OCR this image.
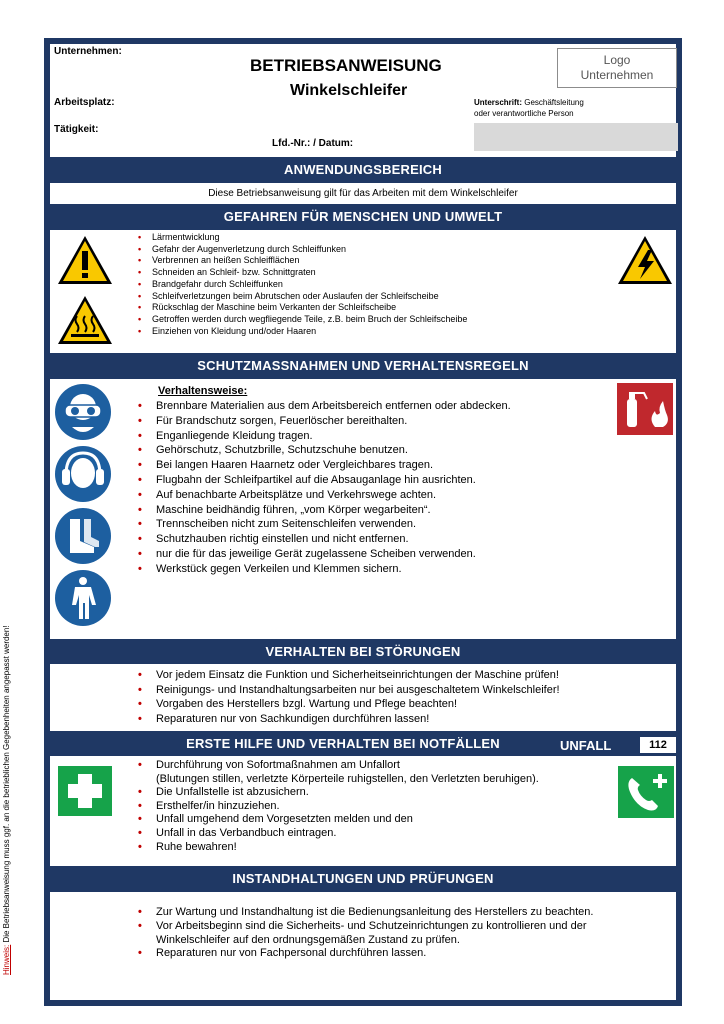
Hinweis: Die Betriebsanweisung muss ggf. an die betrieblichen Gegebenheiten angepasst werden!
Unternehmen:
Arbeitsplatz:
Tätigkeit:
BETRIEBSANWEISUNG
Winkelschleifer
Lfd.-Nr.: / Datum:
Logo
Unternehmen
Unterschrift: Geschäftsleitung
oder verantwortliche Person
ANWENDUNGSBEREICH
Diese Betriebsanweisung gilt für das Arbeiten mit dem Winkelschleifer
GEFAHREN FÜR MENSCHEN UND UMWELT
• Lärmentwicklung
• Gefahr der Augenverletzung durch Schleiffunken
• Verbrennen an heißen Schleifflächen
• Schneiden an Schleif- bzw. Schnittgraten
• Brandgefahr durch Schleiffunken
• Schleifverletzungen beim Abrutschen oder Auslaufen der Schleifscheibe
• Rückschlag der Maschine beim Verkanten der Schleifscheibe
• Getroffen werden durch wegfliegende Teile, z.B. beim Bruch der Schleifscheibe
• Einziehen von Kleidung und/oder Haaren
SCHUTZMASSNAHMEN UND VERHALTENSREGELN
Verhaltensweise:
• Brennbare Materialien aus dem Arbeitsbereich entfernen oder abdecken.
• Für Brandschutz sorgen, Feuerlöscher bereithalten.
• Enganliegende Kleidung tragen.
• Gehörschutz, Schutzbrille, Schutzschuhe benutzen.
• Bei langen Haaren Haarnetz oder Vergleichbares tragen.
• Flugbahn der Schleifpartikel auf die Absauganlage hin ausrichten.
• Auf benachbarte Arbeitsplätze und Verkehrswege achten.
• Maschine beidhändig führen, „vom Körper wegarbeiten“.
• Trennscheiben nicht zum Seitenschleifen verwenden.
• Schutzhauben richtig einstellen und nicht entfernen.
• nur die für das jeweilige Gerät zugelassene Scheiben verwenden.
• Werkstück gegen Verkeilen und Klemmen sichern.
VERHALTEN BEI STÖRUNGEN
• Vor jedem Einsatz die Funktion und Sicherheitseinrichtungen der Maschine prüfen!
• Reinigungs- und Instandhaltungsarbeiten nur bei ausgeschaltetem Winkelschleifer!
• Vorgaben des Herstellers bzgl. Wartung und Pflege beachten!
• Reparaturen nur von Sachkundigen durchführen lassen!
ERSTE HILFE UND VERHALTEN BEI NOTFÄLLEN	UNFALL	112
• Durchführung von Sofortmaßnahmen am Unfallort
(Blutungen stillen, verletzte Körperteile ruhigstellen, den Verletzten beruhigen).
• Die Unfallstelle ist abzusichern.
• Ersthelfer/in hinzuziehen.
• Unfall umgehend dem Vorgesetzten melden und den
• Unfall in das Verbandbuch eintragen.
• Ruhe bewahren!
INSTANDHALTUNGEN UND PRÜFUNGEN
• Zur Wartung und Instandhaltung ist die Bedienungsanleitung des Herstellers zu beachten.
• Vor Arbeitsbeginn sind die Sicherheits- und Schutzeinrichtungen zu kontrollieren und der
Winkelschleifer auf den ordnungsgemäßen Zustand zu prüfen.
• Reparaturen nur von Fachpersonal durchführen lassen.
